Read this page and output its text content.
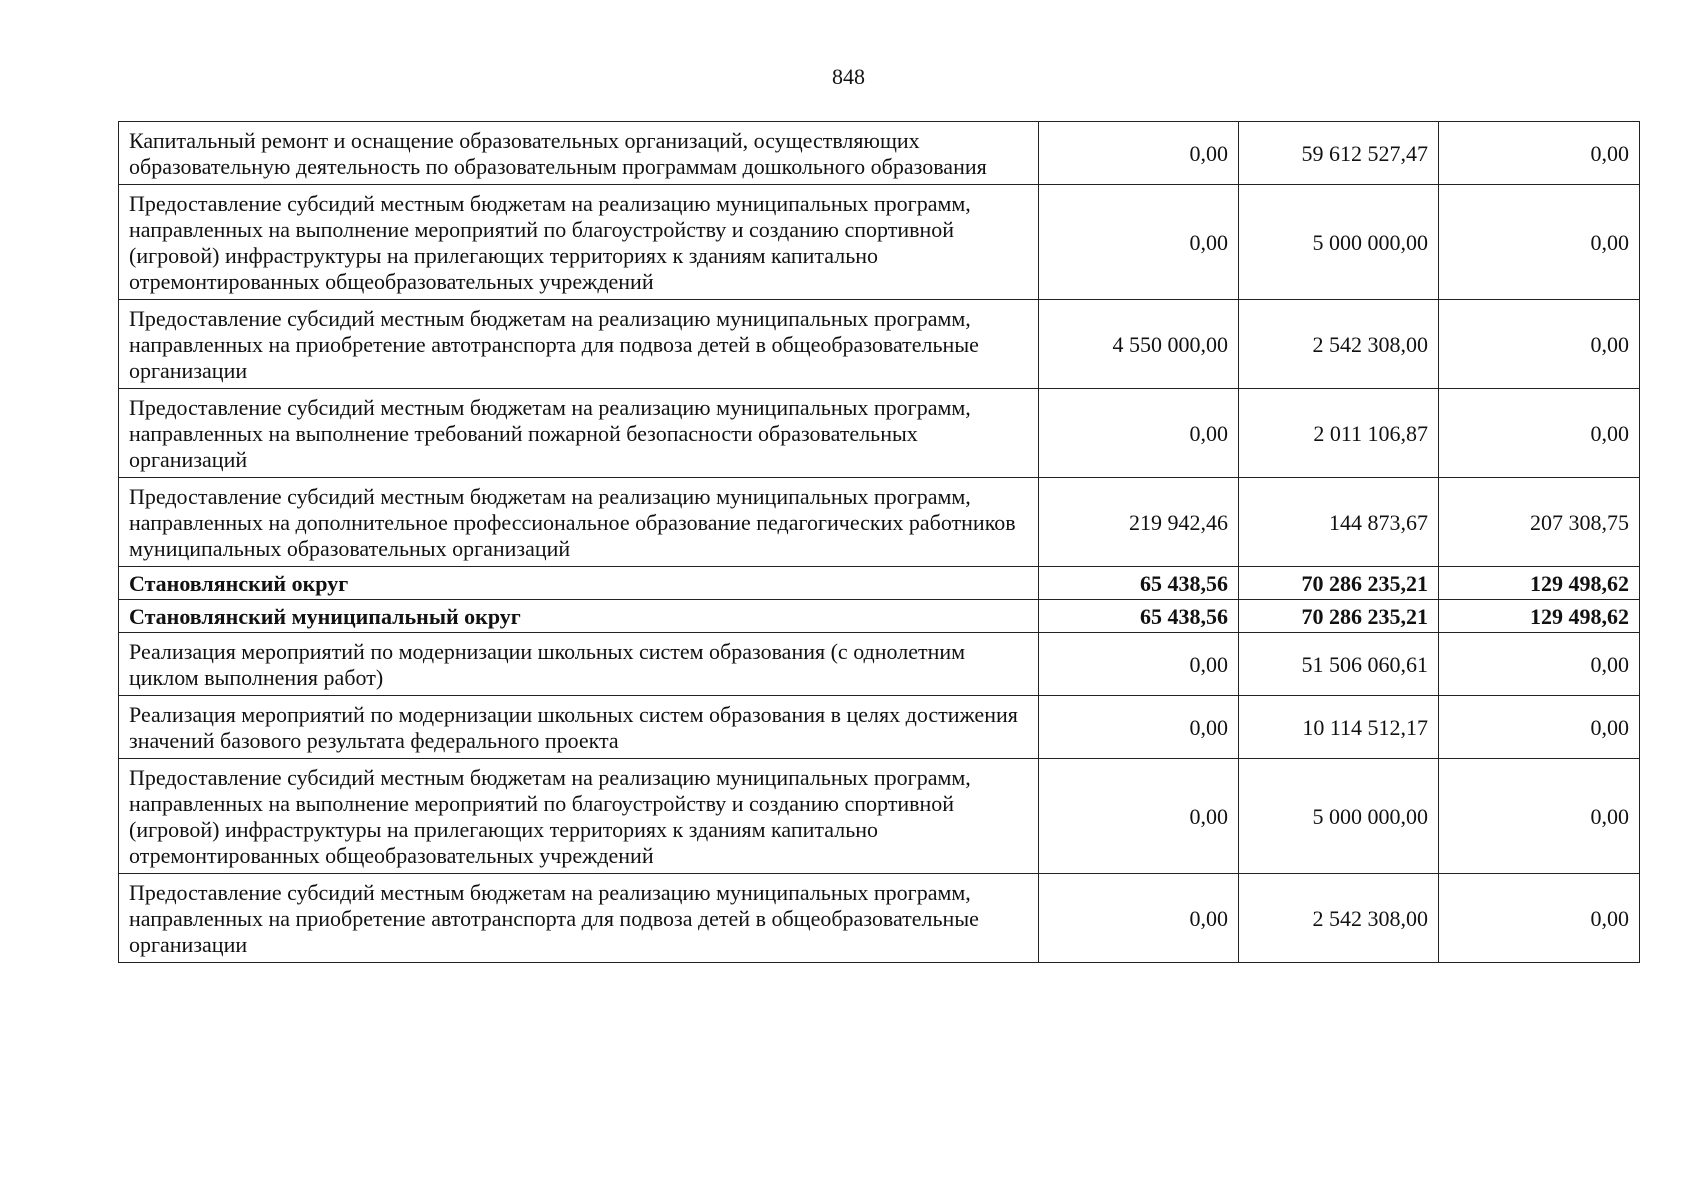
848
Капитальный ремонт и оснащение образовательных организаций, осуществляющих образовательную деятельность по образовательным программам дошкольного образования	0,00	59 612 527,47	0,00
Предоставление субсидий местным бюджетам на реализацию муниципальных программ, направленных на выполнение мероприятий по благоустройству и созданию спортивной (игровой) инфраструктуры на прилегающих территориях к зданиям капитально отремонтированных общеобразовательных учреждений	0,00	5 000 000,00	0,00
Предоставление субсидий местным бюджетам на реализацию муниципальных программ, направленных на приобретение автотранспорта для подвоза детей в общеобразовательные организации	4 550 000,00	2 542 308,00	0,00
Предоставление субсидий местным бюджетам на реализацию муниципальных программ, направленных на выполнение требований пожарной безопасности образовательных организаций	0,00	2 011 106,87	0,00
Предоставление субсидий местным бюджетам на реализацию муниципальных программ, направленных на дополнительное профессиональное образование педагогических работников муниципальных образовательных организаций	219 942,46	144 873,67	207 308,75
Становлянский округ	65 438,56	70 286 235,21	129 498,62
Становлянский муниципальный округ	65 438,56	70 286 235,21	129 498,62
Реализация мероприятий по модернизации школьных систем образования (с однолетним циклом выполнения работ)	0,00	51 506 060,61	0,00
Реализация мероприятий по модернизации школьных систем образования в целях достижения значений базового результата федерального проекта	0,00	10 114 512,17	0,00
Предоставление субсидий местным бюджетам на реализацию муниципальных программ, направленных на выполнение мероприятий по благоустройству и созданию спортивной (игровой) инфраструктуры на прилегающих территориях к зданиям капитально отремонтированных общеобразовательных учреждений	0,00	5 000 000,00	0,00
Предоставление субсидий местным бюджетам на реализацию муниципальных программ, направленных на приобретение автотранспорта для подвоза детей в общеобразовательные организации	0,00	2 542 308,00	0,00
